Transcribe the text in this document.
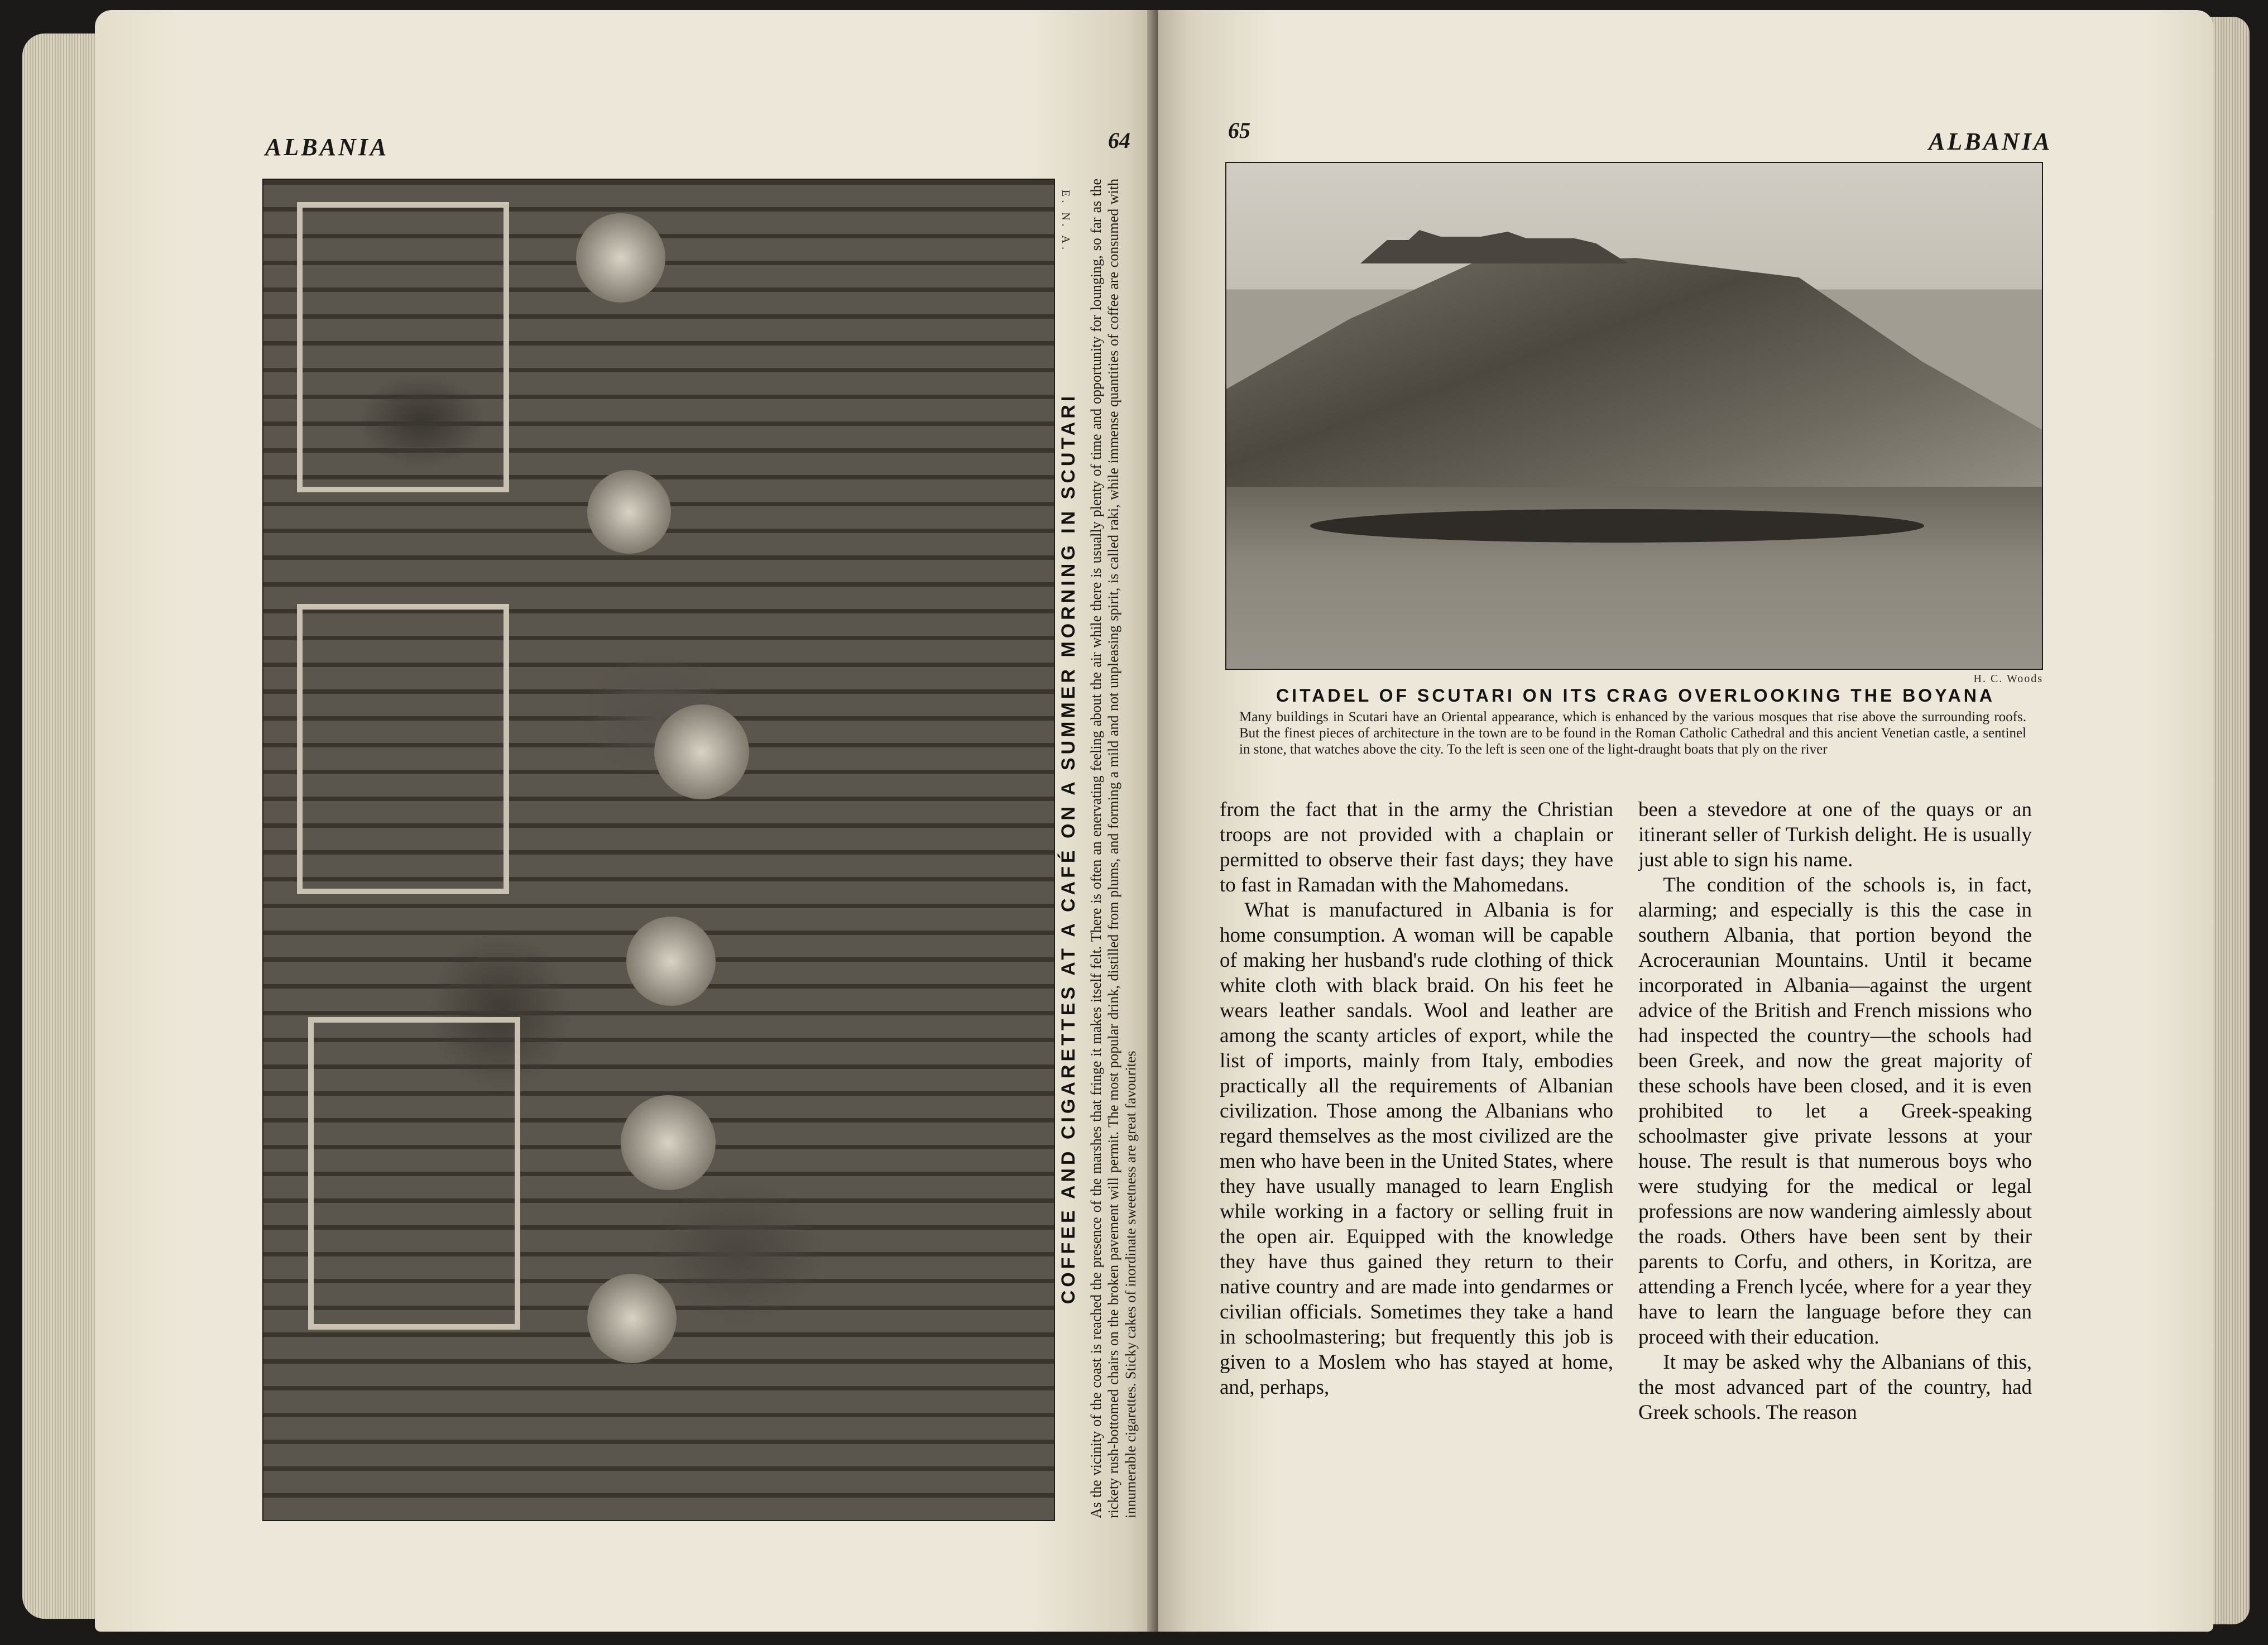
ALBANIA	64

COFFEE AND CIGARETTES AT A CAFÉ ON A SUMMER MORNING IN SCUTARI As the vicinity of the coast is reached the presence of the marshes that fringe it makes itself felt. There is often an enervating feeling about the air while there is usually plenty of time and opportunity for lounging, so far as the rickety rush-bottomed chairs on the broken pavement will permit. The most popular drink, distilled from plums, and forming a mild and not unpleasing spirit, is called raki, while immense quantities of coffee are consumed with innumerable cigarettes. Sticky cakes of inordinate sweetness are great favourites

E. N. A.

65	ALBANIA

H. C. Woods

CITADEL OF SCUTARI ON ITS CRAG OVERLOOKING THE BOYANA

Many buildings in Scutari have an Oriental appearance, which is enhanced by the various mosques that rise above the surrounding roofs. But the finest pieces of architecture in the town are to be found in the Roman Catholic Cathedral and this ancient Venetian castle, a sentinel in stone, that watches above the city. To the left is seen one of the light-draught boats that ply on the river

from the fact that in the army the Christian troops are not provided with a chaplain or permitted to observe their fast days; they have to fast in Ramadan with the Mahomedans.

What is manufactured in Albania is for home consumption. A woman will be capable of making her husband's rude clothing of thick white cloth with black braid. On his feet he wears leather sandals. Wool and leather are among the scanty articles of export, while the list of imports, mainly from Italy, embodies practically all the requirements of Albanian civilization. Those among the Albanians who regard themselves as the most civilized are the men who have been in the United States, where they have usually managed to learn English while working in a factory or selling fruit in the open air. Equipped with the knowledge they have thus gained they return to their native country and are made into gendarmes or civilian officials. Sometimes they take a hand in schoolmastering; but frequently this job is given to a Moslem who has stayed at home, and, perhaps,

been a stevedore at one of the quays or an itinerant seller of Turkish delight. He is usually just able to sign his name.

The condition of the schools is, in fact, alarming; and especially is this the case in southern Albania, that portion beyond the Acroceraunian Mountains. Until it became incorporated in Albania—against the urgent advice of the British and French missions who had inspected the country—the schools had been Greek, and now the great majority of these schools have been closed, and it is even prohibited to let a Greek-speaking schoolmaster give private lessons at your house. The result is that numerous boys who were studying for the medical or legal professions are now wandering aimlessly about the roads. Others have been sent by their parents to Corfu, and others, in Koritza, are attending a French lycée, where for a year they have to learn the language before they can proceed with their education.

It may be asked why the Albanians of this, the most advanced part of the country, had Greek schools. The reason
